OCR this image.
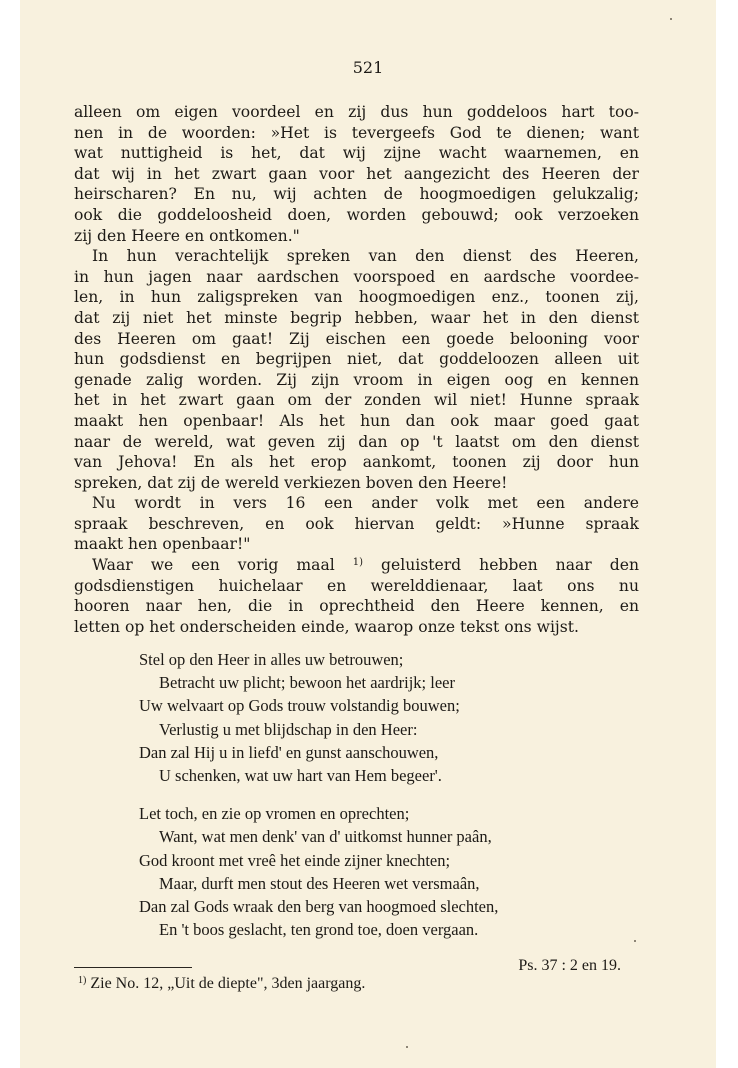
521
alleen om eigen voordeel en zij dus hun goddeloos hart too-
nen in de woorden: »Het is tevergeefs God te dienen; want
wat nuttigheid is het, dat wij zijne wacht waarnemen, en
dat wij in het zwart gaan voor het aangezicht des Heeren der
heirscharen? En nu, wij achten de hoogmoedigen gelukzalig;
ook die goddeloosheid doen, worden gebouwd; ook verzoeken
zij den Heere en ontkomen."
In hun verachtelijk spreken van den dienst des Heeren,
in hun jagen naar aardschen voorspoed en aardsche voordee-
len, in hun zaligspreken van hoogmoedigen enz., toonen zij,
dat zij niet het minste begrip hebben, waar het in den dienst
des Heeren om gaat! Zij eischen een goede belooning voor
hun godsdienst en begrijpen niet, dat goddeloozen alleen uit
genade zalig worden. Zij zijn vroom in eigen oog en kennen
het in het zwart gaan om der zonden wil niet! Hunne spraak
maakt hen openbaar! Als het hun dan ook maar goed gaat
naar de wereld, wat geven zij dan op 't laatst om den dienst
van Jehova! En als het erop aankomt, toonen zij door hun
spreken, dat zij de wereld verkiezen boven den Heere!
Nu wordt in vers 16 een ander volk met een andere
spraak beschreven, en ook hiervan geldt: »Hunne spraak
maakt hen openbaar!"
Waar we een vorig maal $^{1)}$ geluisterd hebben naar den
godsdienstigen huichelaar en werelddienaar, laat ons nu
hooren naar hen, die in oprechtheid den Heere kennen, en
letten op het onderscheiden einde, waarop onze tekst ons wijst.
Stel op den Heer in alles uw betrouwen;
Betracht uw plicht; bewoon het aardrijk; leer
Uw welvaart op Gods trouw volstandig bouwen;
Verlustig u met blijdschap in den Heer:
Dan zal Hij u in liefd' en gunst aanschouwen,
U schenken, wat uw hart van Hem begeer'.
Let toch, en zie op vromen en oprechten;
Want, wat men denk' van d' uitkomst hunner paân,
God kroont met vreê het einde zijner knechten;
Maar, durft men stout des Heeren wet versmaân,
Dan zal Gods wraak den berg van hoogmoed slechten,
En 't boos geslacht, ten grond toe, doen vergaan.
Ps. 37 : 2 en 19.
$^{1)}$ Zie No. 12, „Uit de diepte", 3den jaargang.
